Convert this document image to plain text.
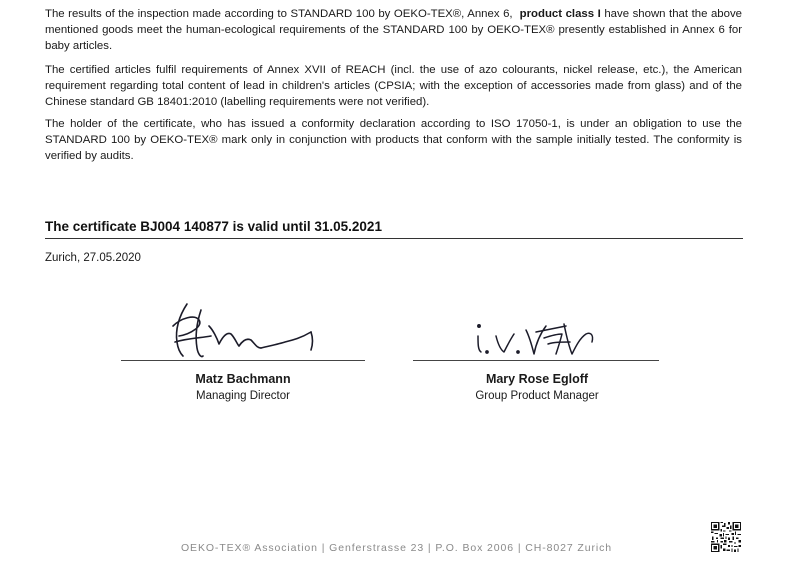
The results of the inspection made according to STANDARD 100 by OEKO-TEX®, Annex 6, product class I have shown that the above mentioned goods meet the human-ecological requirements of the STANDARD 100 by OEKO-TEX® presently established in Annex 6 for baby articles.

The certified articles fulfil requirements of Annex XVII of REACH (incl. the use of azo colourants, nickel release, etc.), the American requirement regarding total content of lead in children's articles (CPSIA; with the exception of accessories made from glass) and of the Chinese standard GB 18401:2010 (labelling requirements were not verified).

The holder of the certificate, who has issued a conformity declaration according to ISO 17050-1, is under an obligation to use the STANDARD 100 by OEKO-TEX® mark only in conjunction with products that conform with the sample initially tested. The conformity is verified by audits.

The certificate BJ004 140877 is valid until 31.05.2021
Zurich, 27.05.2020
Matz Bachmann
Managing Director
Mary Rose Egloff
Group Product Manager
OEKO-TEX® Association | Genferstrasse 23 | P.O. Box 2006 | CH-8027 Zurich
